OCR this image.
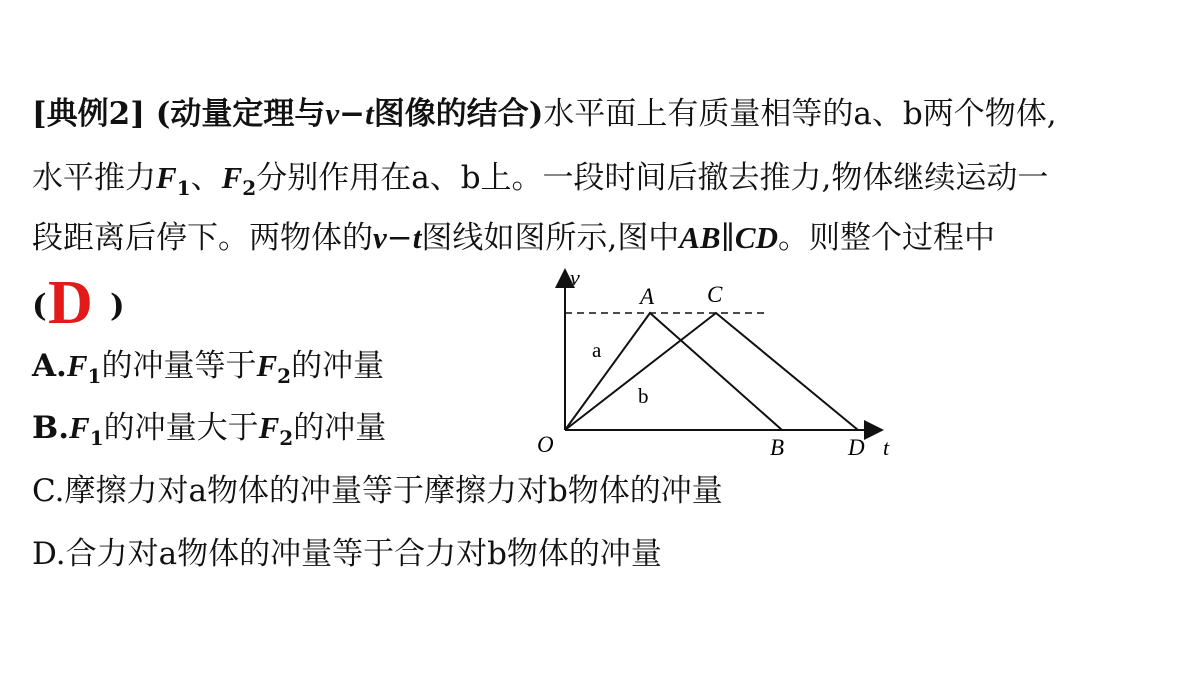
[典例2] (动量定理与v−t图像的结合)水平面上有质量相等的a、b两个物体,
水平推力$F_1$、$F_2$分别作用在a、b上。一段时间后撤去推力,物体继续运动一
段距离后停下。两物体的v−t图线如图所示,图中AB∥CD。则整个过程中
( D )
$A.F_1$的冲量等于$F_2$的冲量
$B.F_1$的冲量大于$F_2$的冲量
C.摩擦力对a物体的冲量等于摩擦力对b物体的冲量
D.合力对a物体的冲量等于合力对b物体的冲量
v
t
O
A C
B	D
a
b
